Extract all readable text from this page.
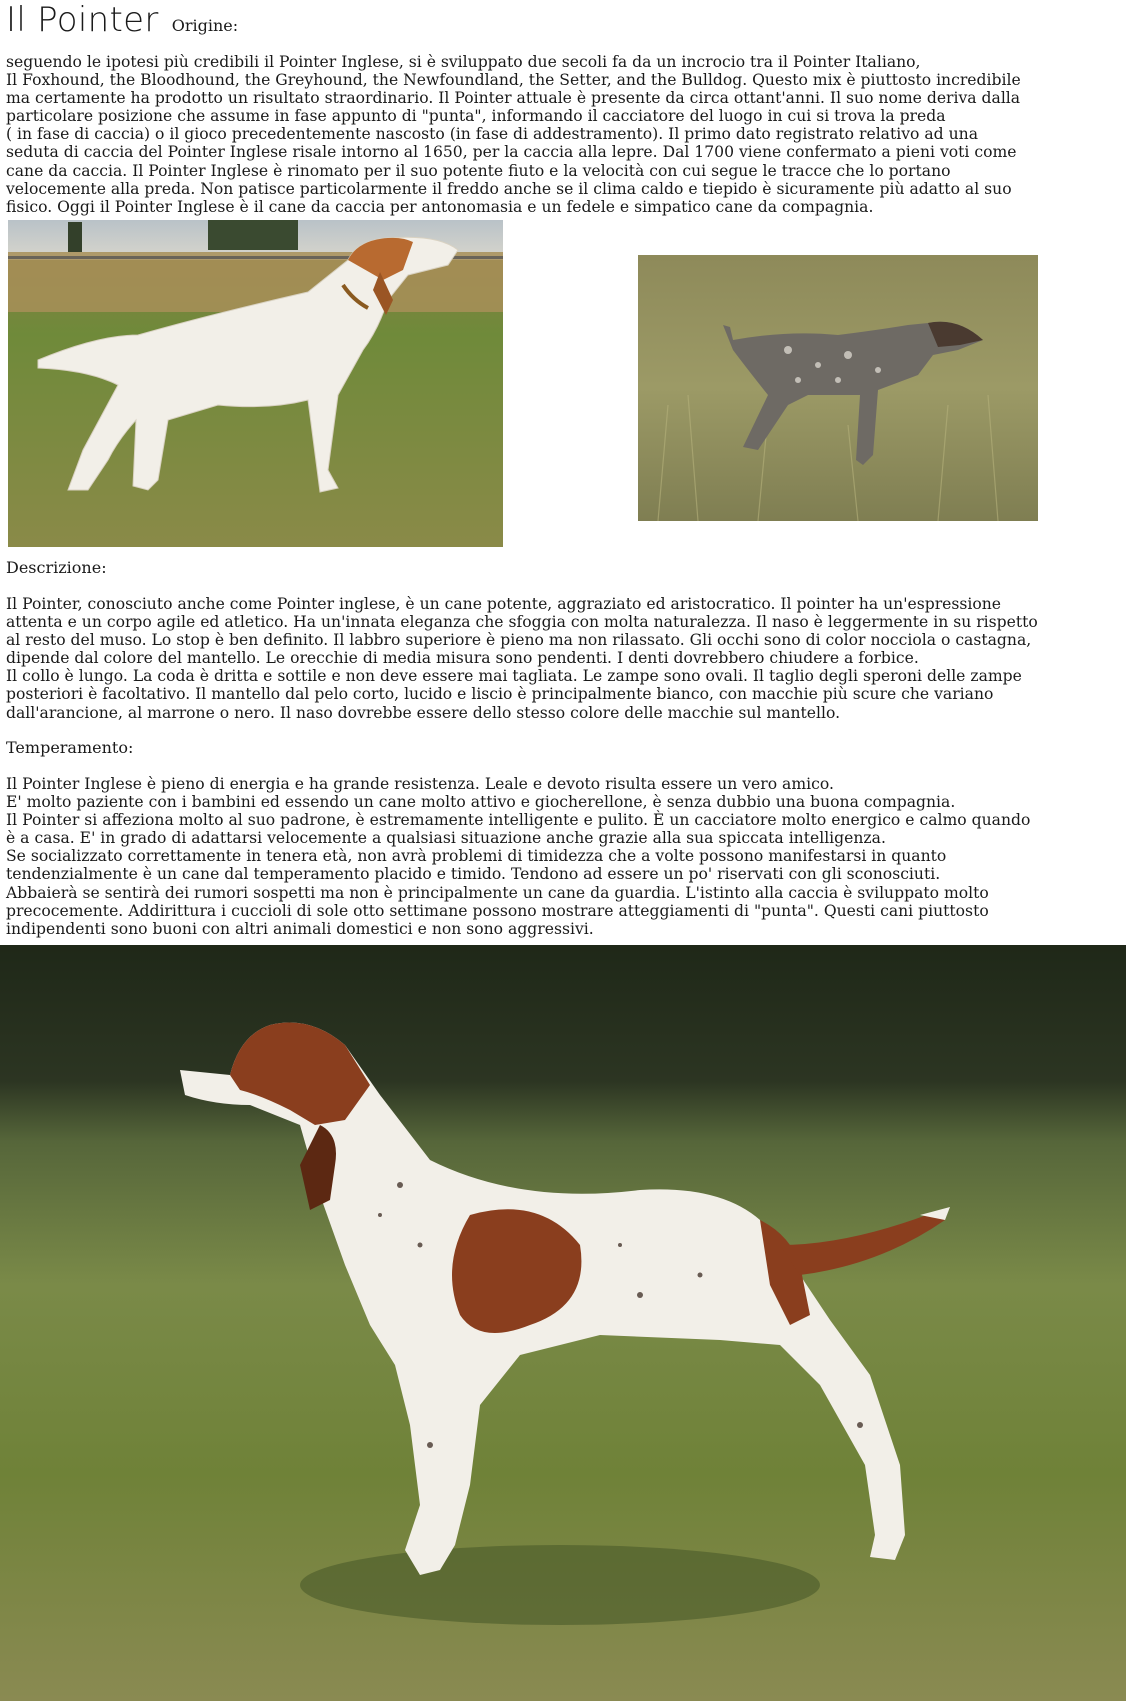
Il Pointer Origine:

seguendo le ipotesi più credibili il Pointer Inglese, si è sviluppato due secoli fa da un incrocio tra il Pointer Italiano,
Il Foxhound, the Bloodhound, the Greyhound, the Newfoundland, the Setter, and the Bulldog. Questo mix è piuttosto incredibile
ma certamente ha prodotto un risultato straordinario. Il Pointer attuale è presente da circa ottant'anni. Il suo nome deriva dalla
particolare posizione che assume in fase appunto di "punta", informando il cacciatore del luogo in cui si trova la preda
( in fase di caccia) o il gioco precedentemente nascosto (in fase di addestramento). Il primo dato registrato relativo ad una
seduta di caccia del Pointer Inglese risale intorno al 1650, per la caccia alla lepre. Dal 1700 viene confermato a pieni voti come
cane da caccia. Il Pointer Inglese è rinomato per il suo potente fiuto e la velocità con cui segue le tracce che lo portano
velocemente alla preda. Non patisce particolarmente il freddo anche se il clima caldo e tiepido è sicuramente più adatto al suo
fisico. Oggi il Pointer Inglese è il cane da caccia per antonomasia e un fedele e simpatico cane da compagnia.

Descrizione:

Il Pointer, conosciuto anche come Pointer inglese, è un cane potente, aggraziato ed aristocratico. Il pointer ha un'espressione
attenta e un corpo agile ed atletico. Ha un'innata eleganza che sfoggia con molta naturalezza. Il naso è leggermente in su rispetto
al resto del muso. Lo stop è ben definito. Il labbro superiore è pieno ma non rilassato. Gli occhi sono di color nocciola o castagna,
dipende dal colore del mantello. Le orecchie di media misura sono pendenti. I denti dovrebbero chiudere a forbice.
Il collo è lungo. La coda è dritta e sottile e non deve essere mai tagliata. Le zampe sono ovali. Il taglio degli speroni delle zampe
posteriori è facoltativo. Il mantello dal pelo corto, lucido e liscio è principalmente bianco, con macchie più scure che variano
dall'arancione, al marrone o nero. Il naso dovrebbe essere dello stesso colore delle macchie sul mantello.

Temperamento:

Il Pointer Inglese è pieno di energia e ha grande resistenza. Leale e devoto risulta essere un vero amico.
E' molto paziente con i bambini ed essendo un cane molto attivo e giocherellone, è senza dubbio una buona compagnia.
Il Pointer si affeziona molto al suo padrone, è estremamente intelligente e pulito. È un cacciatore molto energico e calmo quando
è a casa. E' in grado di adattarsi velocemente a qualsiasi situazione anche grazie alla sua spiccata intelligenza.
Se socializzato correttamente in tenera età, non avrà problemi di timidezza che a volte possono manifestarsi in quanto
tendenzialmente è un cane dal temperamento placido e timido. Tendono ad essere un po' riservati con gli sconosciuti.
Abbaierà se sentirà dei rumori sospetti ma non è principalmente un cane da guardia. L'istinto alla caccia è sviluppato molto
precocemente. Addirittura i cuccioli di sole otto settimane possono mostrare atteggiamenti di "punta". Questi cani piuttosto
indipendenti sono buoni con altri animali domestici e non sono aggressivi.
